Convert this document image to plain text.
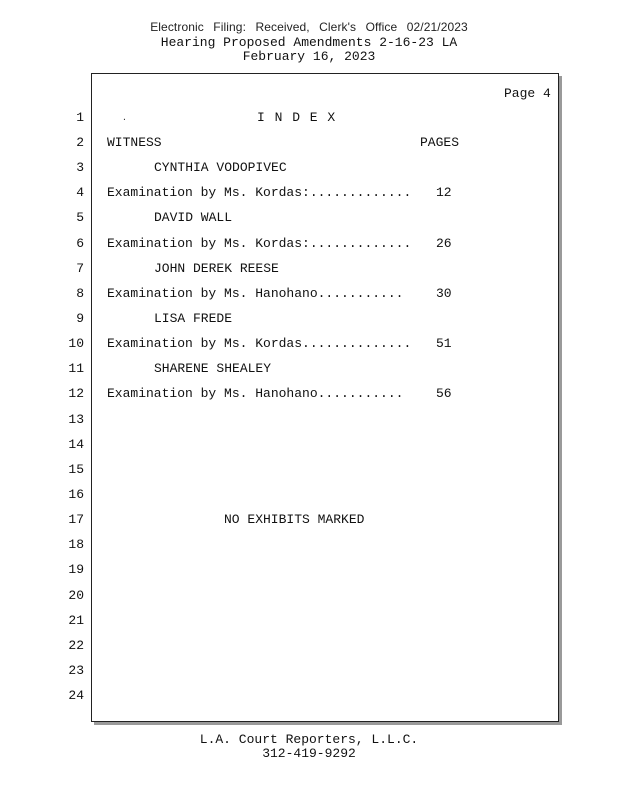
Electronic Filing: Received, Clerk's Office 02/21/2023
Hearing Proposed Amendments 2-16-23 LA
February 16, 2023
Page 4
.
1
2
3
4
5
6
7
8
9
10
11
12
13
14
15
16
17
18
19
20
21
22
23
24
I N D E X
WITNESS	PAGES
CYNTHIA VODOPIVEC
Examination by Ms. Kordas:............. 12
DAVID WALL
Examination by Ms. Kordas:............. 26
JOHN DEREK REESE
Examination by Ms. Hanohano...........	30
LISA FREDE
Examination by Ms. Kordas.............. 51
SHARENE SHEALEY
Examination by Ms. Hanohano...........	56
NO EXHIBITS MARKED
L.A. Court Reporters, L.L.C.
312-419-9292
